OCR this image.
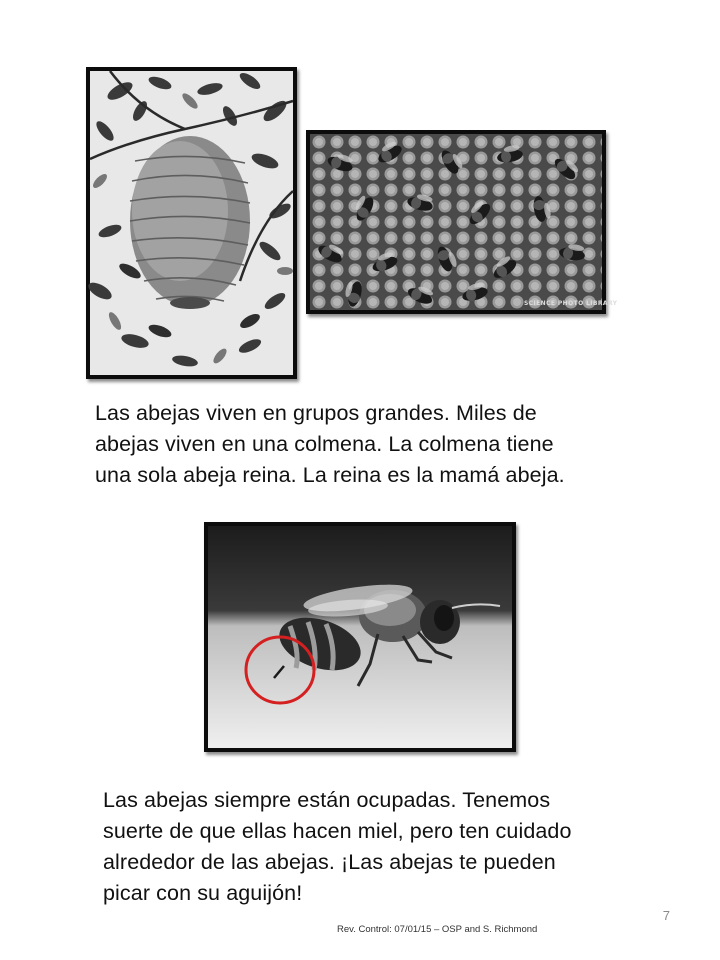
SCIENCE PHOTO LIBRARY
Las abejas viven en grupos grandes. Miles de
abejas viven en una colmena. La colmena tiene
una sola abeja reina. La reina es la mamá abeja.
Las abejas siempre están ocupadas. Tenemos
suerte de que ellas hacen miel, pero ten cuidado
alrededor de las abejas. ¡Las abejas te pueden
picar con su aguijón!
7
Rev. Control: 07/01/15 – OSP and S. Richmond
